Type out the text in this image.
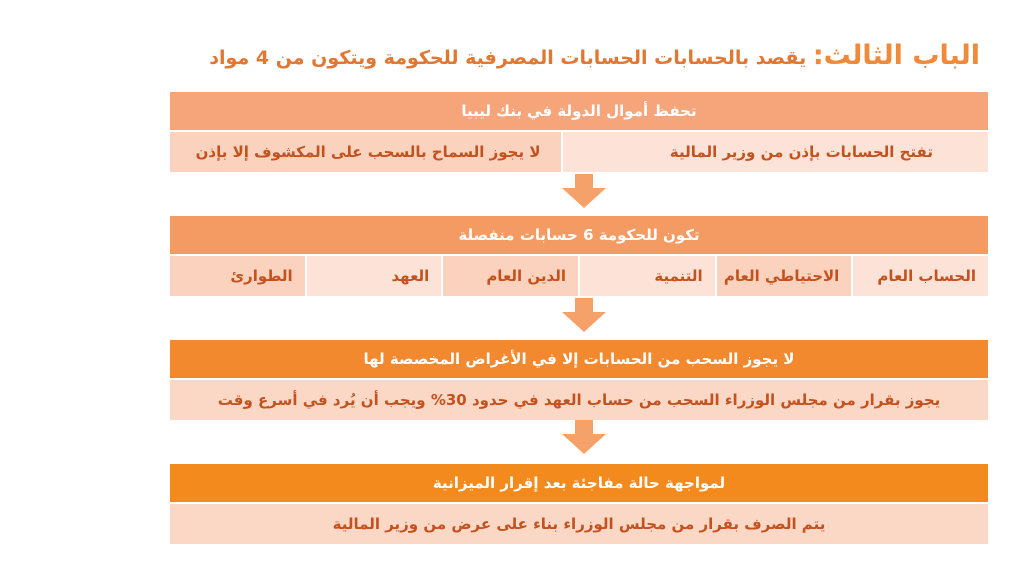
الباب الثالث: يقصد بالحسابات الحسابات المصرفية للحكومة ويتكون من 4 مواد
تحفظ أموال الدولة في بنك ليبيا
تفتح الحسابات بإذن من وزير المالية
لا يجوز السماح بالسحب على المكشوف إلا بإذن
تكون للحكومة 6 حسابات منفصلة
الحساب العام
الاحتياطي العام
التنمية
الدين العام
العهد
الطوارئ
لا يجوز السحب من الحسابات إلا في الأغراض المخصصة لها
يجوز بقرار من مجلس الوزراء السحب من حساب العهد في حدود 30% ويجب أن يُرد في أسرع وقت
لمواجهة حالة مفاجئة بعد إقرار الميزانية
يتم الصرف بقرار من مجلس الوزراء بناء على عرض من وزير المالية
